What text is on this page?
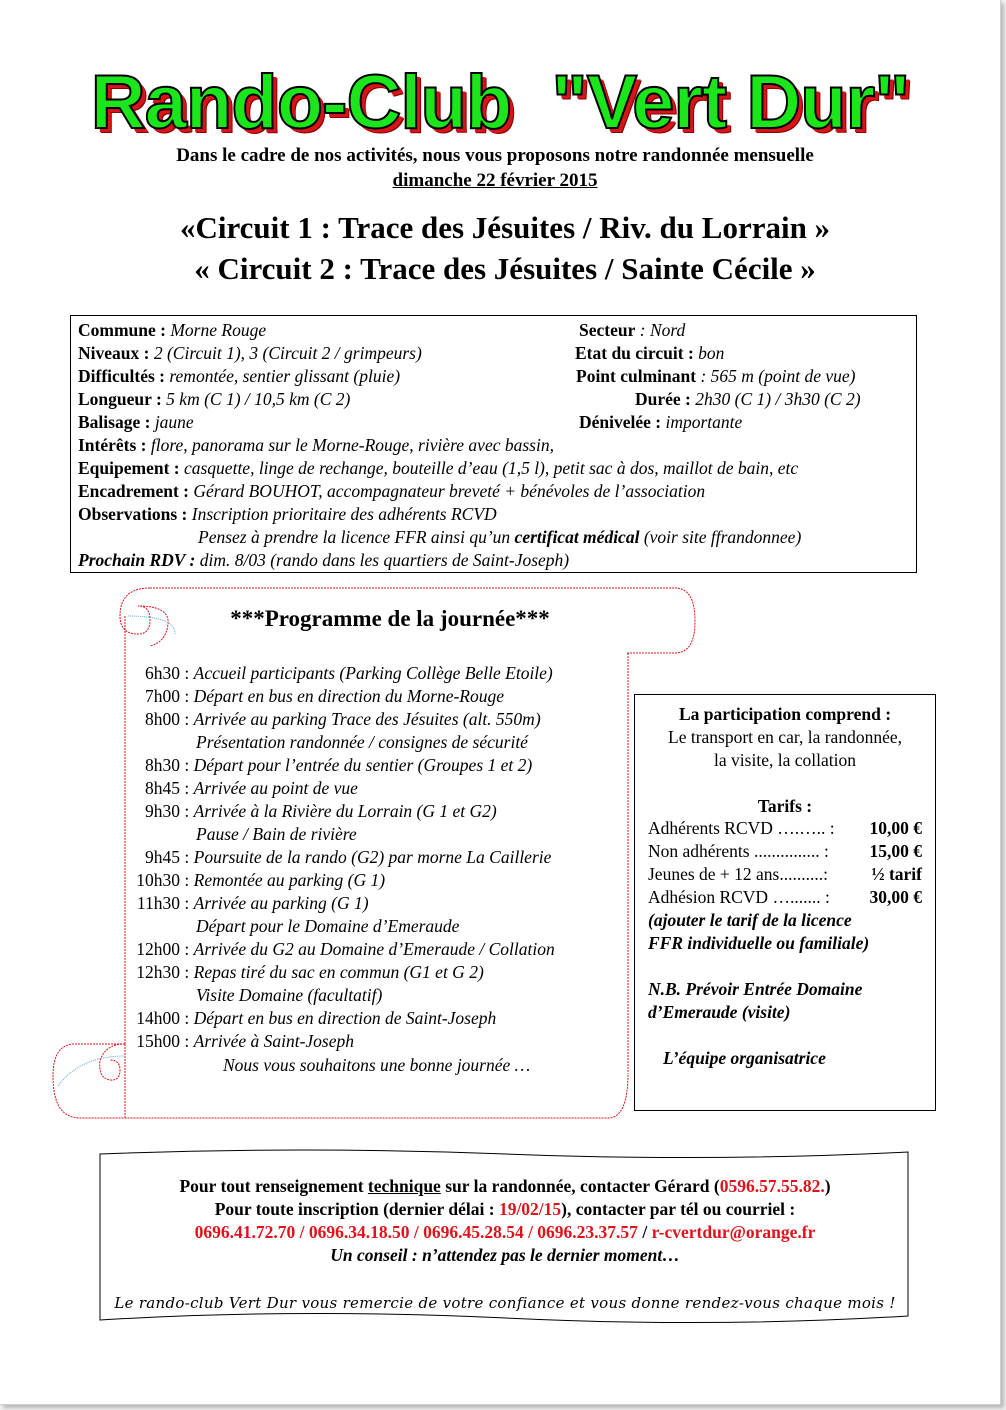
Rando-Club  "Vert Dur"
Dans le cadre de nos activités, nous vous proposons notre randonnée mensuelle
dimanche 22 février 2015
«Circuit 1 : Trace des Jésuites / Riv. du Lorrain »
« Circuit 2 : Trace des Jésuites / Sainte Cécile »
Commune : Morne Rouge	Secteur : Nord
Niveaux : 2 (Circuit 1), 3 (Circuit 2 / grimpeurs)	Etat du circuit : bon
Difficultés : remontée, sentier glissant (pluie)	Point culminant : 565 m (point de vue)
Longueur : 5 km (C 1) / 10,5 km (C 2)	Durée : 2h30 (C 1) / 3h30 (C 2)
Balisage : jaune	Dénivelée : importante
Intérêts : flore, panorama sur le Morne-Rouge, rivière avec bassin,
Equipement : casquette, linge de rechange, bouteille d’eau (1,5 l), petit sac à dos, maillot de bain, etc
Encadrement : Gérard BOUHOT, accompagnateur breveté + bénévoles de l’association
Observations : Inscription prioritaire des adhérents RCVD
Pensez à prendre la licence FFR ainsi qu’un certificat médical (voir site ffrandonnee)
Prochain RDV : dim. 8/03 (rando dans les quartiers de Saint-Joseph)
***Programme de la journée***
6h30 : Accueil participants (Parking Collège Belle Etoile)
7h00 : Départ en bus en direction du Morne-Rouge
8h00 : Arrivée au parking Trace des Jésuites (alt. 550m)
Présentation randonnée / consignes de sécurité
8h30 : Départ pour l’entrée du sentier (Groupes 1 et 2)
8h45 : Arrivée au point de vue
9h30 : Arrivée à la Rivière du Lorrain (G 1 et G2)
Pause / Bain de rivière
9h45 : Poursuite de la rando (G2) par morne La Caillerie
10h30 : Remontée au parking (G 1)
11h30 : Arrivée au parking (G 1)
Départ pour le Domaine d’Emeraude
12h00 : Arrivée du G2 au Domaine d’Emeraude / Collation
12h30 : Repas tiré du sac en commun (G1 et G 2)
Visite Domaine (facultatif)
14h00 : Départ en bus en direction de Saint-Joseph
15h00 : Arrivée à Saint-Joseph
Nous vous souhaitons une bonne journée …
La participation comprend :
Le transport en car, la randonnée,
la visite, la collation
Tarifs :
Adhérents RCVD ….….. : 10,00 €
Non adhérents ............... : 15,00 €
Jeunes de + 12 ans..........: ½ tarif
Adhésion RCVD …....... : 30,00 €
(ajouter le tarif de la licence
FFR individuelle ou familiale)
N.B. Prévoir Entrée Domaine
d’Emeraude (visite)
L’équipe organisatrice
Pour tout renseignement technique sur la randonnée, contacter Gérard (0596.57.55.82.)
Pour toute inscription (dernier délai : 19/02/15), contacter par tél ou courriel :
0696.41.72.70 / 0696.34.18.50 / 0696.45.28.54 / 0696.23.37.57 / r-cvertdur@orange.fr
Un conseil : n’attendez pas le dernier moment…
Le rando-club Vert Dur vous remercie de votre confiance et vous donne rendez-vous chaque mois !
